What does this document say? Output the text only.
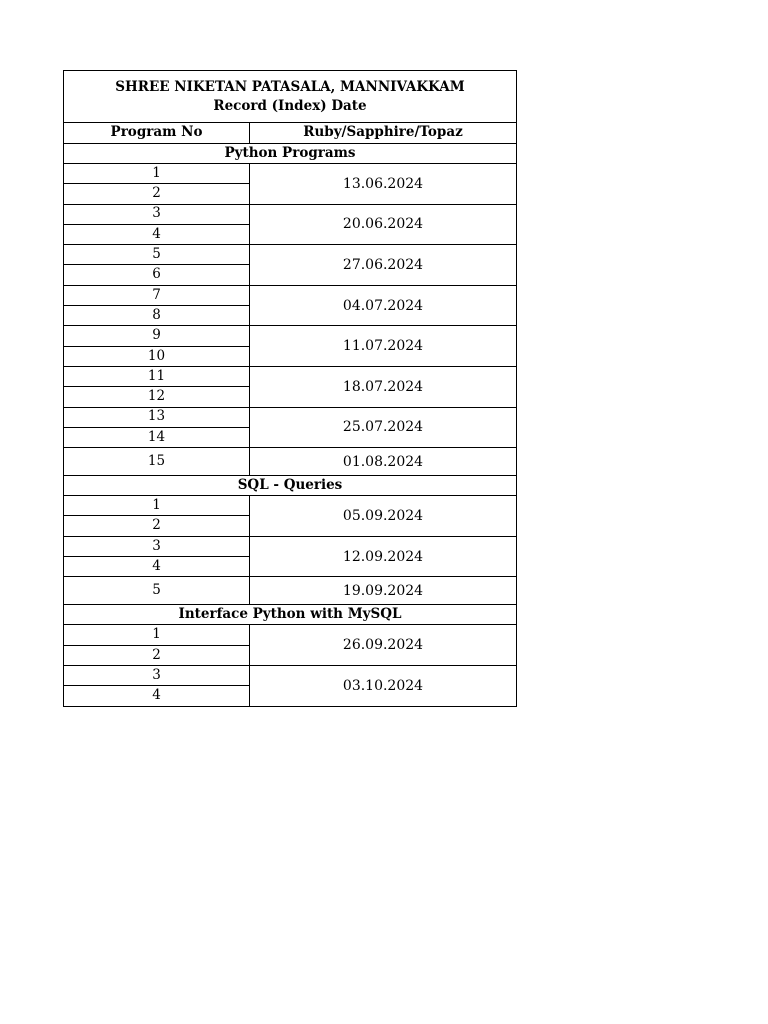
SHREE NIKETAN PATASALA, MANNIVAKKAM
Record (Index) Date	

Program No	Ruby/Sapphire/Topaz
Python Programs	
1	13.06.2024
2	
3	20.06.2024
4	
5	27.06.2024
6	
7	04.07.2024
8	
9	11.07.2024
10	
11	18.07.2024
12	
13	25.07.2024
14	
15	01.08.2024
SQL - Queries	
1	05.09.2024
2	
3	12.09.2024
4	
5	19.09.2024
Interface Python with MySQL	
1	26.09.2024
2	
3	03.10.2024
4	
